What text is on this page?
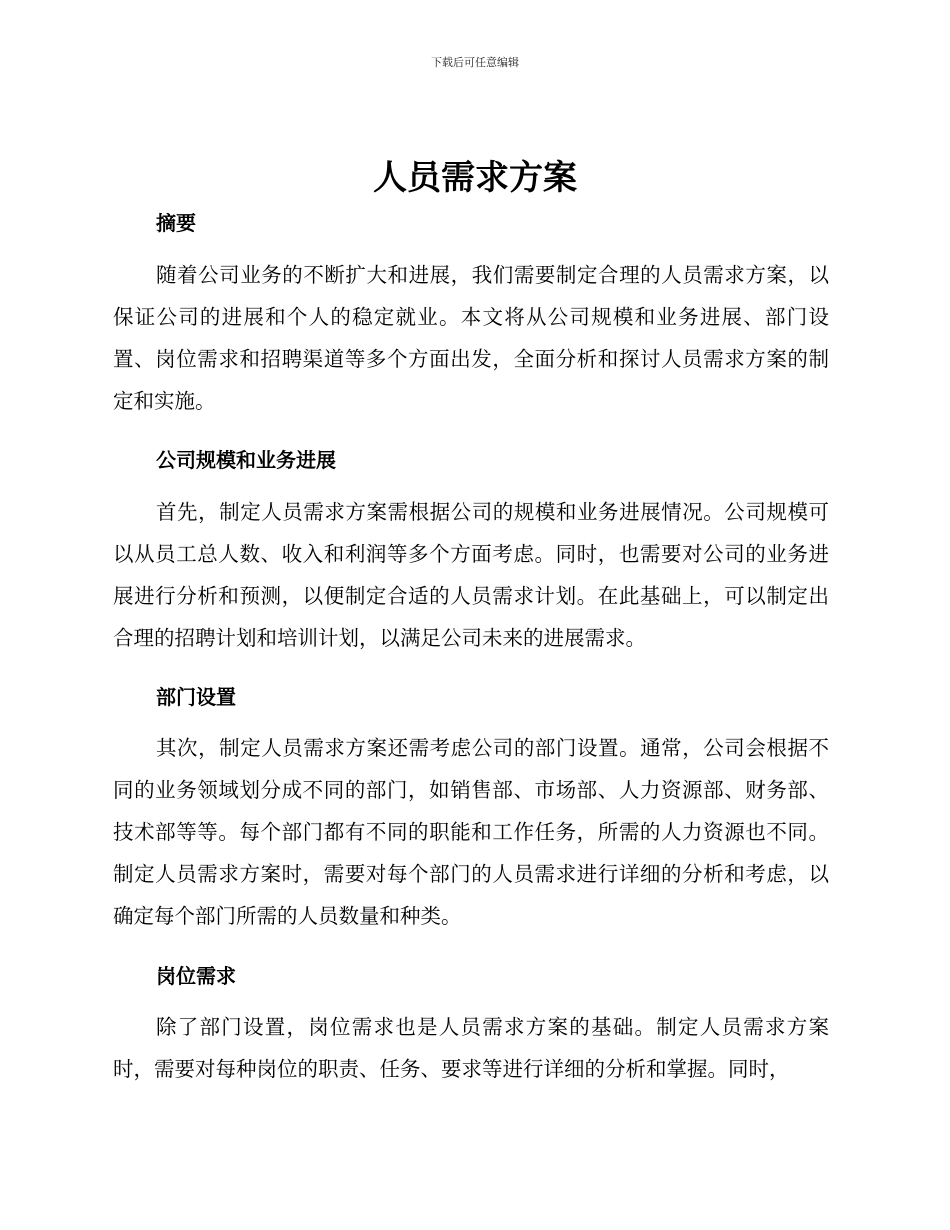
下载后可任意编辑
人员需求方案
摘要
随着公司业务的不断扩大和进展，我们需要制定合理的人员需求方案，以保证公司的进展和个人的稳定就业。本文将从公司规模和业务进展、部门设置、岗位需求和招聘渠道等多个方面出发，全面分析和探讨人员需求方案的制定和实施。
公司规模和业务进展
首先，制定人员需求方案需根据公司的规模和业务进展情况。公司规模可以从员工总人数、收入和利润等多个方面考虑。同时，也需要对公司的业务进展进行分析和预测，以便制定合适的人员需求计划。在此基础上，可以制定出合理的招聘计划和培训计划，以满足公司未来的进展需求。
部门设置
其次，制定人员需求方案还需考虑公司的部门设置。通常，公司会根据不同的业务领域划分成不同的部门，如销售部、市场部、人力资源部、财务部、技术部等等。每个部门都有不同的职能和工作任务，所需的人力资源也不同。制定人员需求方案时，需要对每个部门的人员需求进行详细的分析和考虑，以确定每个部门所需的人员数量和种类。
岗位需求
除了部门设置，岗位需求也是人员需求方案的基础。制定人员需求方案时，需要对每种岗位的职责、任务、要求等进行详细的分析和掌握。同时，
